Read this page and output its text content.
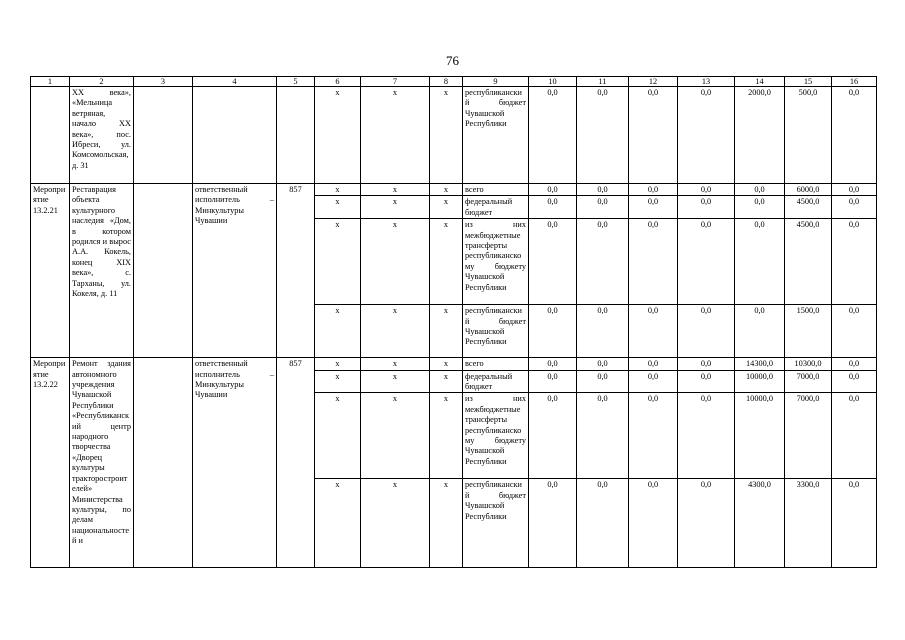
76
1	2	3	4	5	6	7	8	9	10	11	12	13	14	15	16
	ХХ века», «Мельница ветряная, начало ХХ века», пос. Ибреси, ул. Комсомольская, д. 31				х	х	х	республиканский бюджет Чувашской Республики	0,0	0,0	0,0	0,0	2000,0	500,0	0,0
Мероприятие 13.2.21	Реставрация объекта культурного наследия «Дом, в котором родился и вырос А.А. Кокель, конец XIX века», с. Тарханы, ул. Кокеля, д. 11		ответственный исполнитель – Минкультуры Чувашии	857	х	х	х	всего	0,0	0,0	0,0	0,0	0,0	6000,0	0,0
					х	х	х	федеральный бюджет	0,0	0,0	0,0	0,0	0,0	4500,0	0,0
					х	х	х	из них межбюджетные трансферты республиканскому бюджету Чувашской Республики	0,0	0,0	0,0	0,0	0,0	4500,0	0,0
					х	х	х	республиканский бюджет Чувашской Республики	0,0	0,0	0,0	0,0	0,0	1500,0	0,0
Мероприятие 13.2.22	Ремонт здания автономного учреждения Чувашской Республики «Республиканский центр народного творчества «Дворец культуры тракторостроителей» Министерства культуры, по делам национальностей и		ответственный исполнитель – Минкультуры Чувашии	857	х	х	х	всего	0,0	0,0	0,0	0,0	14300,0	10300,0	0,0
					х	х	х	федеральный бюджет	0,0	0,0	0,0	0,0	10000,0	7000,0	0,0
					х	х	х	из них межбюджетные трансферты республиканскому бюджету Чувашской Республики	0,0	0,0	0,0	0,0	10000,0	7000,0	0,0
					х	х	х	республиканский бюджет Чувашской Республики	0,0	0,0	0,0	0,0	4300,0	3300,0	0,0
